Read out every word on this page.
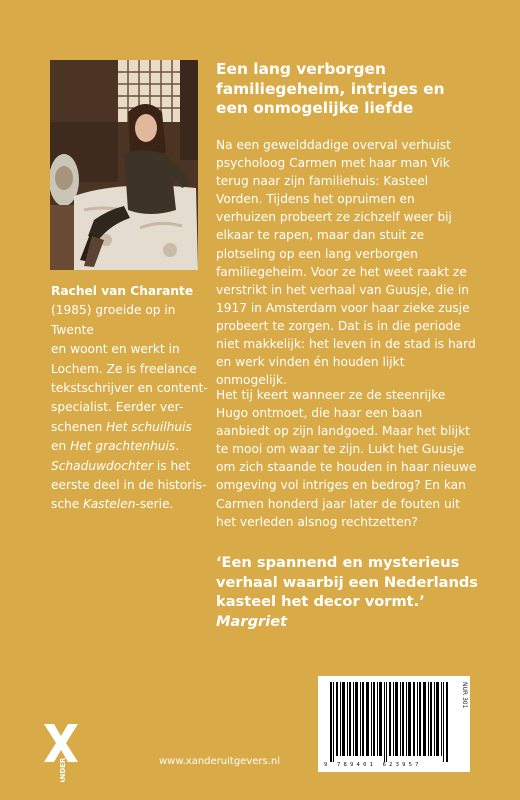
Rachel van Charante
(1985) groeide op in Twente
en woont en werkt in
Lochem. Ze is freelance
tekstschrijver en content-
specialist. Eerder ver-
schenen Het schuilhuis
en Het grachtenhuis.
Schaduwdochter is het
eerste deel in de historis-
sche Kastelen-serie.
Een lang verborgen familiegeheim, intriges en een onmogelijke liefde

Na een gewelddadige overval verhuist psycholoog Carmen met haar man Vik terug naar zijn familiehuis: Kasteel Vorden. Tijdens het opruimen en verhuizen probeert ze zichzelf weer bij elkaar te rapen, maar dan stuit ze plotseling op een lang verborgen familiegeheim. Voor ze het weet raakt ze verstrikt in het verhaal van Guusje, die in 1917 in Amsterdam voor haar zieke zusje probeert te zorgen. Dat is in die periode niet makkelijk: het leven in de stad is hard en werk vinden én houden lijkt onmogelijk.

Het tij keert wanneer ze de steenrijke Hugo ontmoet, die haar een baan aanbiedt op zijn landgoed. Maar het blijkt te mooi om waar te zijn. Lukt het Guusje om zich staande te houden in haar nieuwe omgeving vol intriges en bedrog? En kan Carmen honderd jaar later de fouten uit het verleden alsnog rechtzetten?

‘Een spannend en mysterieus verhaal waarbij een Nederlands kasteel het decor vormt.’
Margriet
NUR 301
9 789401 623957
XANDER	www.xanderuitgevers.nl
